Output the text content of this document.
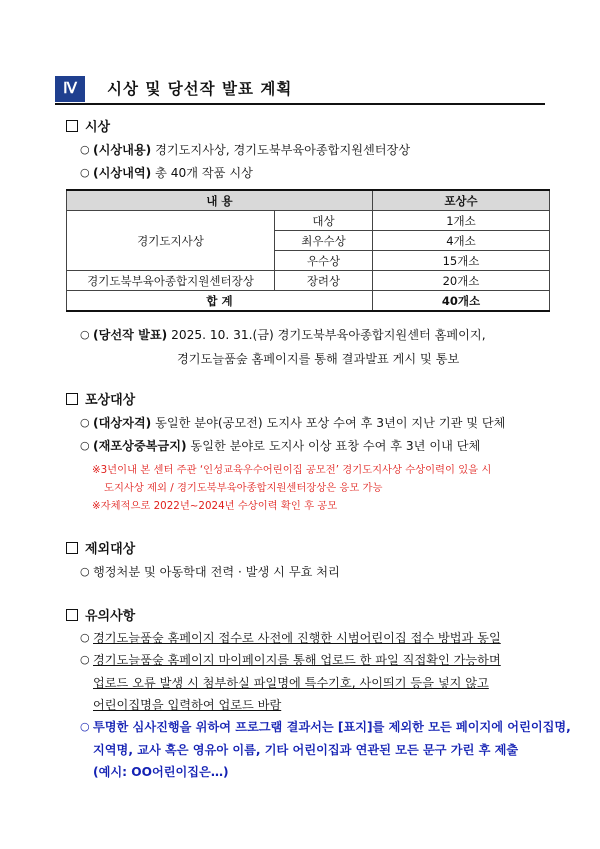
Ⅳ	시상 및 당선작 발표 계획
시상
○ (시상내용) 경기도지사상, 경기도북부육아종합지원센터장상
○ (시상내역) 총 40개 작품 시상
내 용		포상수
경기도지사상	대상	1개소
	최우수상	4개소
	우수상	15개소
경기도북부육아종합지원센터장상	장려상	20개소
합 계		40개소
○ (당선작 발표) 2025. 10. 31.(금) 경기도북부육아종합지원센터 홈페이지,
경기도늘품숲 홈페이지를 통해 결과발표 게시 및 통보
포상대상
○ (대상자격) 동일한 분야(공모전) 도지사 포상 수여 후 3년이 지난 기관 및 단체
○ (재포상중복금지) 동일한 분야로 도지사 이상 표창 수여 후 3년 이내 단체
※3년이내 본 센터 주관 ‘인성교육우수어린이집 공모전’ 경기도지사상 수상이력이 있을 시
도지사상 제외 / 경기도북부육아종합지원센터장상은 응모 가능
※자체적으로 2022년~2024년 수상이력 확인 후 공모
제외대상
○ 행정처분 및 아동학대 전력 · 발생 시 무효 처리
유의사항
○ 경기도늘품숲 홈페이지 접수로 사전에 진행한 시범어린이집 접수 방법과 동일
○ 경기도늘품숲 홈페이지 마이페이지를 통해 업로드 한 파일 직접확인 가능하며
업로드 오류 발생 시 첨부하실 파일명에 특수기호, 사이띄기 등을 넣지 않고
어린이집명을 입력하여 업로드 바람
○ 투명한 심사진행을 위하여 프로그램 결과서는 [표지]를 제외한 모든 페이지에 어린이집명,
지역명, 교사 혹은 영유아 이름, 기타 어린이집과 연관된 모든 문구 가린 후 제출
(예시: OO어린이집은…)
